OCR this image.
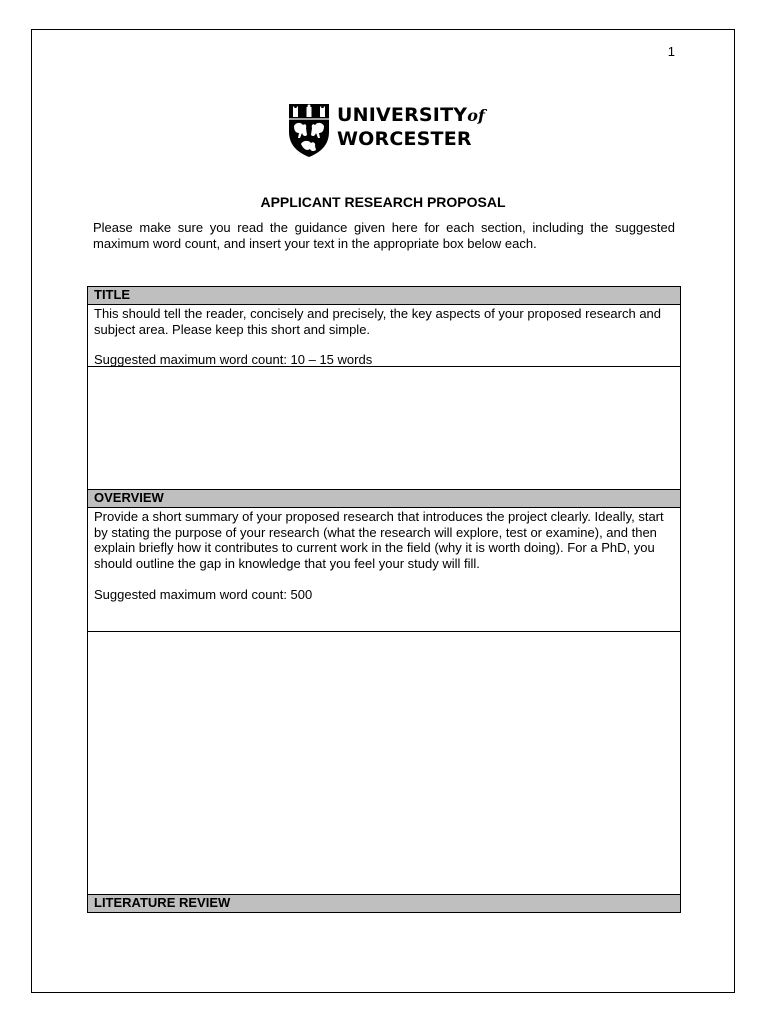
1
UNIVERSITYof
WORCESTER
APPLICANT RESEARCH PROPOSAL
Please make sure you read the guidance given here for each section, including the suggested maximum word count, and insert your text in the appropriate box below each.
TITLE

This should tell the reader, concisely and precisely, the key aspects of your proposed research and subject area. Please keep this short and simple.

Suggested maximum word count: 10 – 15 words

OVERVIEW

Provide a short summary of your proposed research that introduces the project clearly. Ideally, start by stating the purpose of your research (what the research will explore, test or examine), and then explain briefly how it contributes to current work in the field (why it is worth doing). For a PhD, you should outline the gap in knowledge that you feel your study will fill.

Suggested maximum word count: 500

LITERATURE REVIEW
